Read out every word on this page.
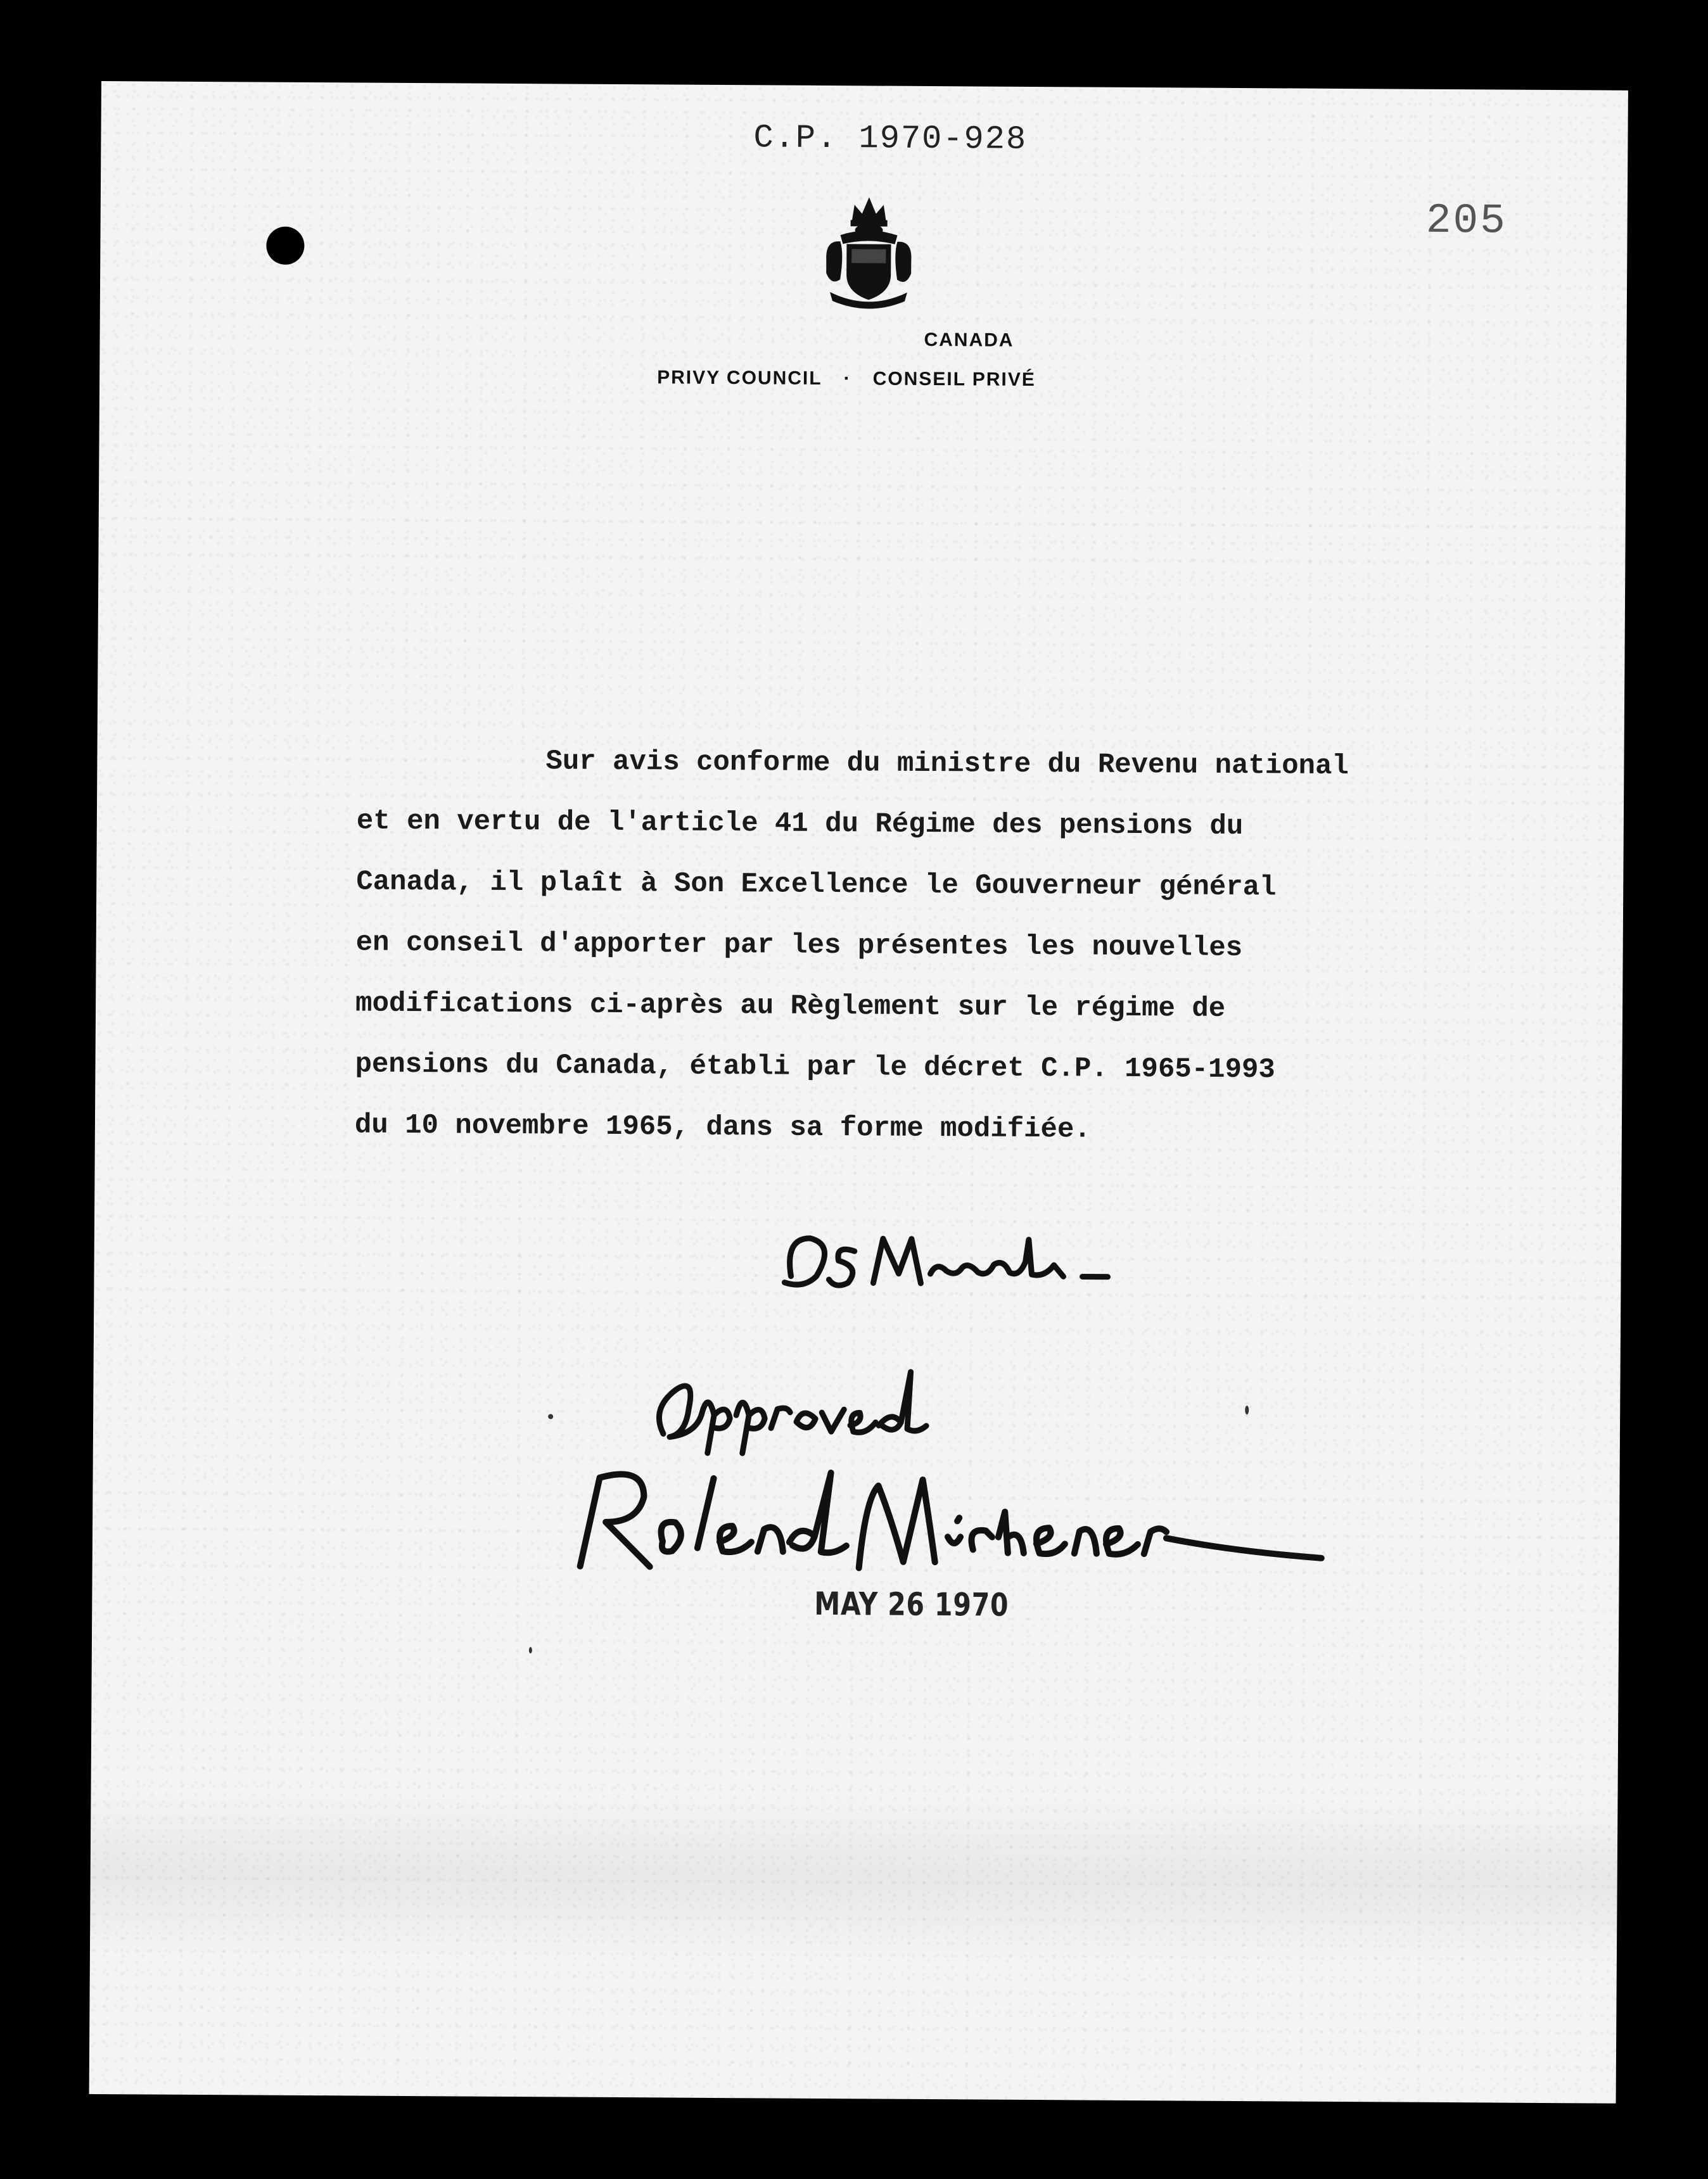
C.P. 1970-928
205
CANADA
PRIVY COUNCIL · CONSEIL PRIVÉ
Sur avis conforme du ministre du Revenu national
et en vertu de l'article 41 du Régime des pensions du
Canada, il plaît à Son Excellence le Gouverneur général
en conseil d'apporter par les présentes les nouvelles
modifications ci-après au Règlement sur le régime de
pensions du Canada, établi par le décret C.P. 1965-1993
du 10 novembre 1965, dans sa forme modifiée.
MAY 26 1970
